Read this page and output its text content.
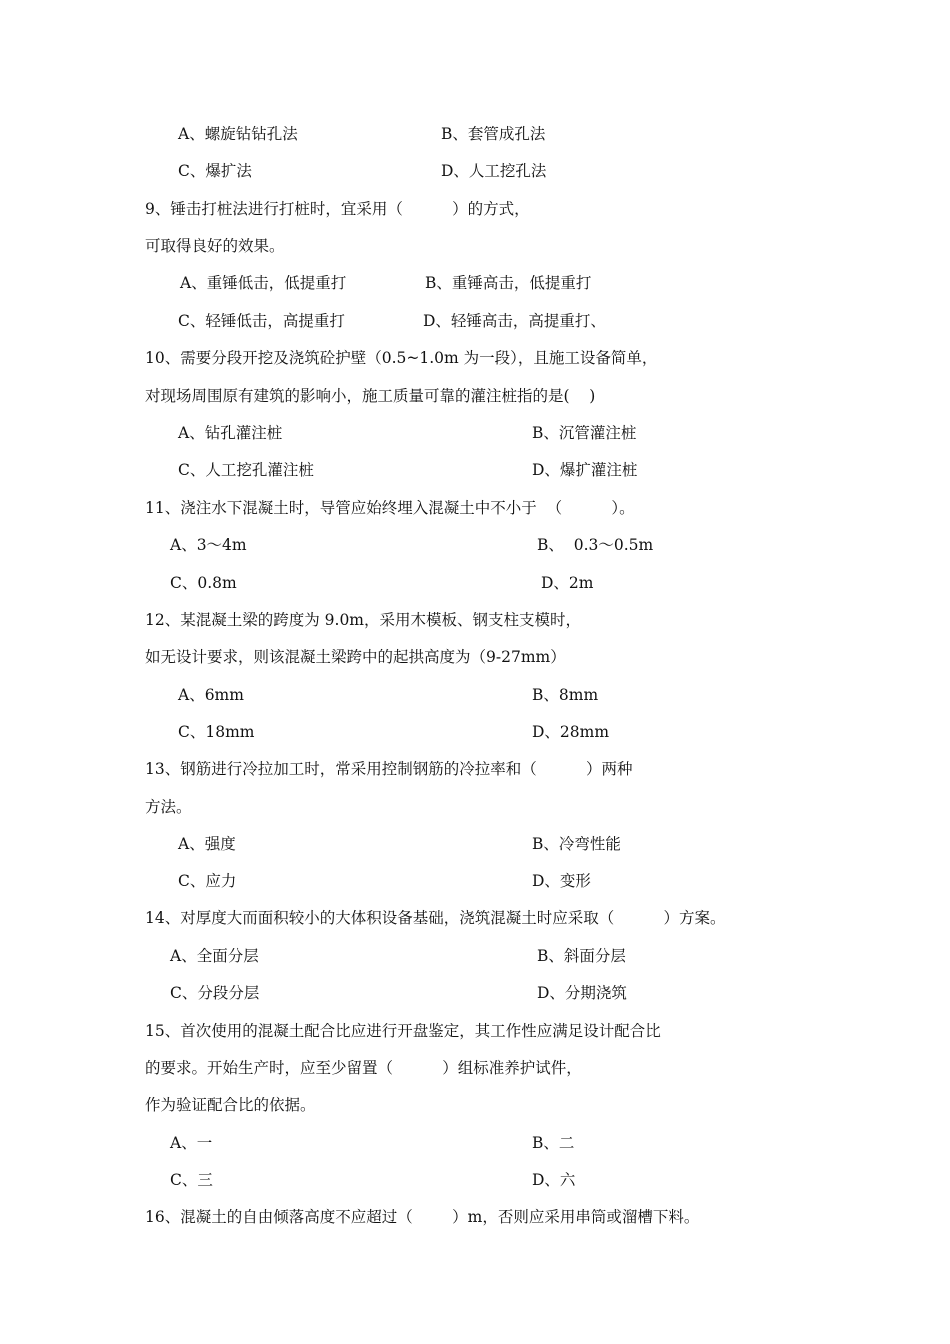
A、螺旋钻钻孔法	B、套管成孔法
C、爆扩法	D、人工挖孔法
9、锤击打桩法进行打桩时，宜采用（          ）的方式，
可取得良好的效果。
A、重锤低击，低提重打	B、重锤高击，低提重打
C、轻锤低击，高提重打	D、轻锤高击，高提重打、
10、需要分段开挖及浇筑砼护壁（0.5~1.0m 为一段），且施工设备简单，
对现场周围原有建筑的影响小，施工质量可靠的灌注桩指的是(    )
A、钻孔灌注桩	B、沉管灌注桩
C、人工挖孔灌注桩	D、爆扩灌注桩
11、浇注水下混凝土时，导管应始终埋入混凝土中不小于  （          ）。
A、3～4m	B、  0.3～0.5m
C、0.8m	D、2m
12、某混凝土梁的跨度为 9.0m，采用木模板、钢支柱支模时，
如无设计要求，则该混凝土梁跨中的起拱高度为（9-27mm）
A、6mm	B、8mm
C、18mm	D、28mm
13、钢筋进行冷拉加工时，常采用控制钢筋的冷拉率和（          ）两种
方法。
A、强度	B、冷弯性能
C、应力	D、变形
14、对厚度大而面积较小的大体积设备基础，浇筑混凝土时应采取（          ）方案。
A、全面分层	B、斜面分层
C、分段分层	D、分期浇筑
15、首次使用的混凝土配合比应进行开盘鉴定，其工作性应满足设计配合比
的要求。开始生产时，应至少留置（          ）组标准养护试件，
作为验证配合比的依据。
A、一	B、二
C、三	D、六
16、混凝土的自由倾落高度不应超过（        ）m，否则应采用串筒或溜槽下料。
